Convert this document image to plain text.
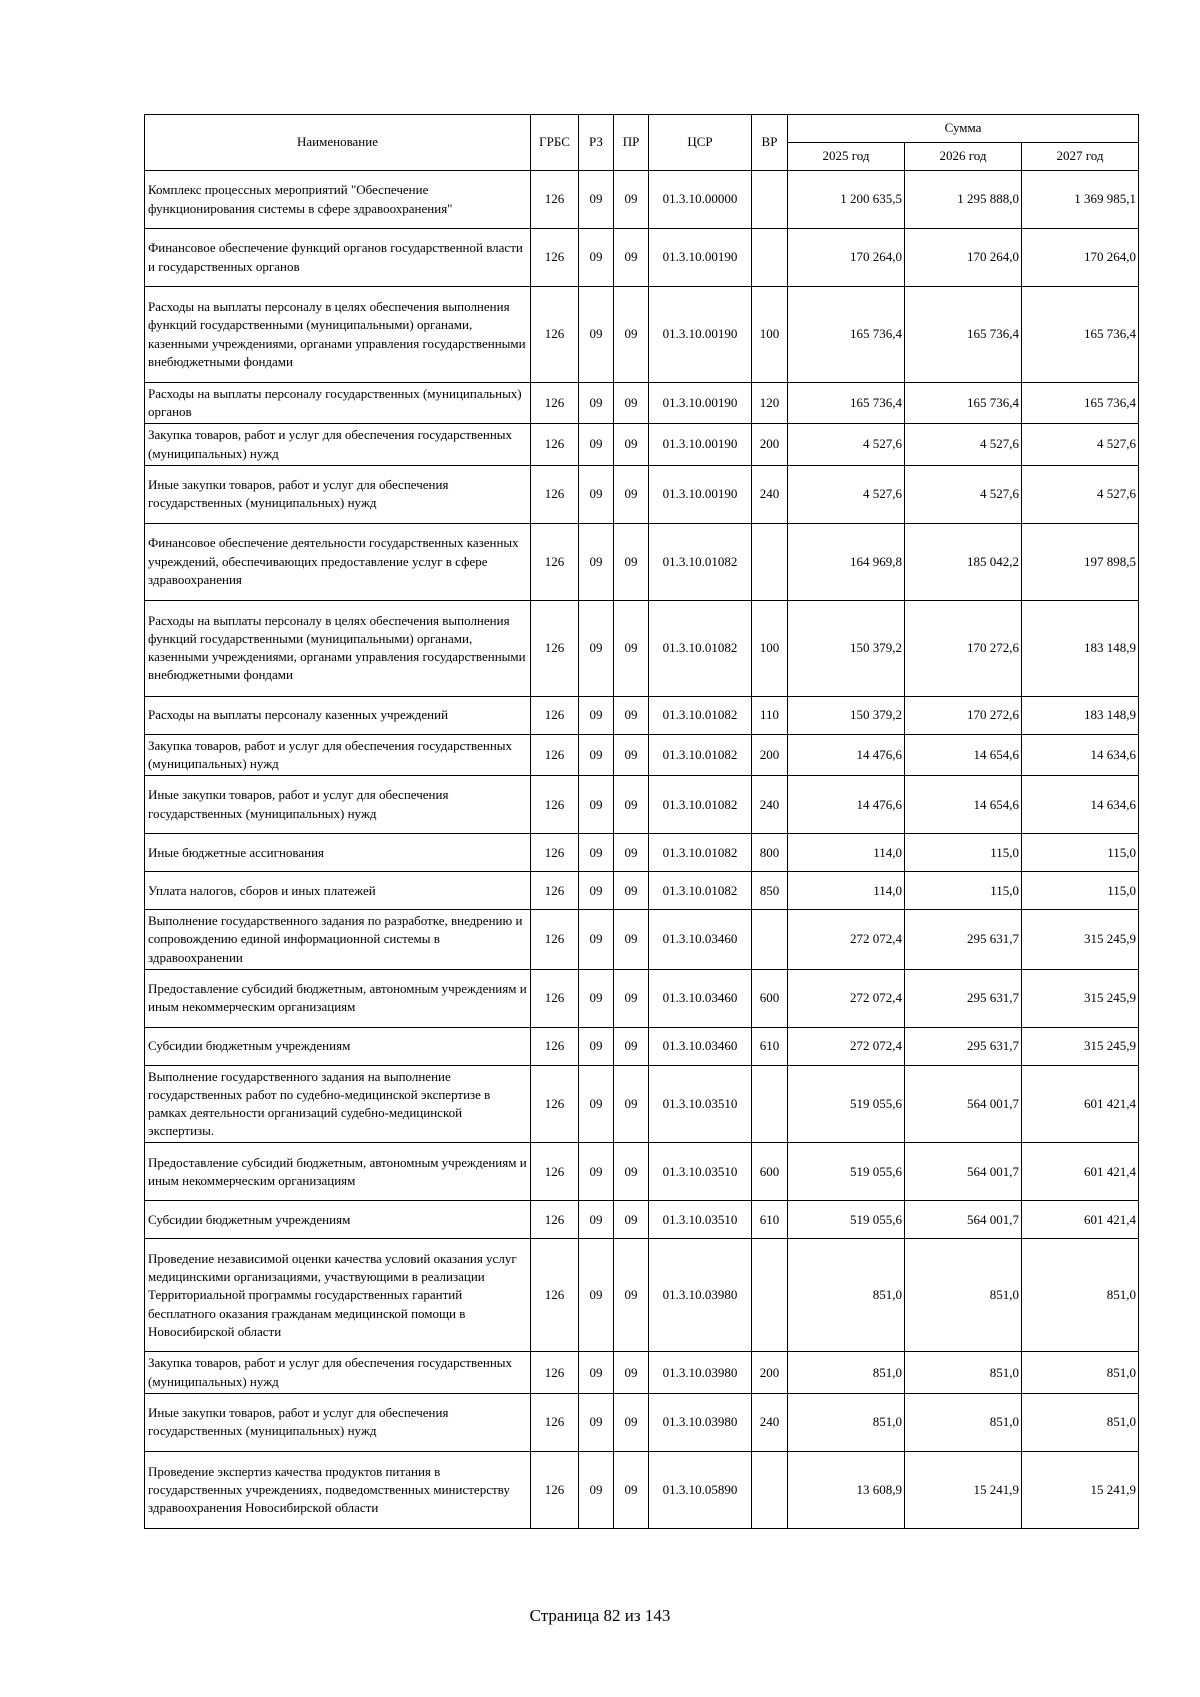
Наименование	ГРБС	РЗ	ПР	ЦСР	ВР	Сумма		
						2025 год	2026 год	2027 год
Комплекс процессных мероприятий "Обеспечение функционирования системы в сфере здравоохранения"	126	09	09	01.3.10.00000		1 200 635,5	1 295 888,0	1 369 985,1
Финансовое обеспечение функций органов государственной власти и государственных органов	126	09	09	01.3.10.00190		170 264,0	170 264,0	170 264,0
Расходы на выплаты персоналу в целях обеспечения выполнения функций государственными (муниципальными) органами, казенными учреждениями, органами управления государственными внебюджетными фондами	126	09	09	01.3.10.00190	100	165 736,4	165 736,4	165 736,4
Расходы на выплаты персоналу государственных (муниципальных) органов	126	09	09	01.3.10.00190	120	165 736,4	165 736,4	165 736,4
Закупка товаров, работ и услуг для обеспечения государственных (муниципальных) нужд	126	09	09	01.3.10.00190	200	4 527,6	4 527,6	4 527,6
Иные закупки товаров, работ и услуг для обеспечения государственных (муниципальных) нужд	126	09	09	01.3.10.00190	240	4 527,6	4 527,6	4 527,6
Финансовое обеспечение деятельности государственных казенных учреждений, обеспечивающих предоставление услуг в сфере здравоохранения	126	09	09	01.3.10.01082		164 969,8	185 042,2	197 898,5
Расходы на выплаты персоналу в целях обеспечения выполнения функций государственными (муниципальными) органами, казенными учреждениями, органами управления государственными внебюджетными фондами	126	09	09	01.3.10.01082	100	150 379,2	170 272,6	183 148,9
Расходы на выплаты персоналу казенных учреждений	126	09	09	01.3.10.01082	110	150 379,2	170 272,6	183 148,9
Закупка товаров, работ и услуг для обеспечения государственных (муниципальных) нужд	126	09	09	01.3.10.01082	200	14 476,6	14 654,6	14 634,6
Иные закупки товаров, работ и услуг для обеспечения государственных (муниципальных) нужд	126	09	09	01.3.10.01082	240	14 476,6	14 654,6	14 634,6
Иные бюджетные ассигнования	126	09	09	01.3.10.01082	800	114,0	115,0	115,0
Уплата налогов, сборов и иных платежей	126	09	09	01.3.10.01082	850	114,0	115,0	115,0
Выполнение государственного задания по разработке, внедрению и сопровождению единой информационной системы в здравоохранении	126	09	09	01.3.10.03460		272 072,4	295 631,7	315 245,9
Предоставление субсидий бюджетным, автономным учреждениям и иным некоммерческим организациям	126	09	09	01.3.10.03460	600	272 072,4	295 631,7	315 245,9
Субсидии бюджетным учреждениям	126	09	09	01.3.10.03460	610	272 072,4	295 631,7	315 245,9
Выполнение государственного задания на выполнение государственных работ по судебно-медицинской экспертизе в рамках деятельности организаций судебно-медицинской экспертизы.	126	09	09	01.3.10.03510		519 055,6	564 001,7	601 421,4
Предоставление субсидий бюджетным, автономным учреждениям и иным некоммерческим организациям	126	09	09	01.3.10.03510	600	519 055,6	564 001,7	601 421,4
Субсидии бюджетным учреждениям	126	09	09	01.3.10.03510	610	519 055,6	564 001,7	601 421,4
Проведение независимой оценки качества условий оказания услуг медицинскими организациями, участвующими в реализации Территориальной программы государственных гарантий бесплатного оказания гражданам медицинской помощи в Новосибирской области	126	09	09	01.3.10.03980		851,0	851,0	851,0
Закупка товаров, работ и услуг для обеспечения государственных (муниципальных) нужд	126	09	09	01.3.10.03980	200	851,0	851,0	851,0
Иные закупки товаров, работ и услуг для обеспечения государственных (муниципальных) нужд	126	09	09	01.3.10.03980	240	851,0	851,0	851,0
Проведение экспертиз качества продуктов питания в государственных учреждениях, подведомственных министерству здравоохранения Новосибирской области	126	09	09	01.3.10.05890		13 608,9	15 241,9	15 241,9
Страница 82 из 143
